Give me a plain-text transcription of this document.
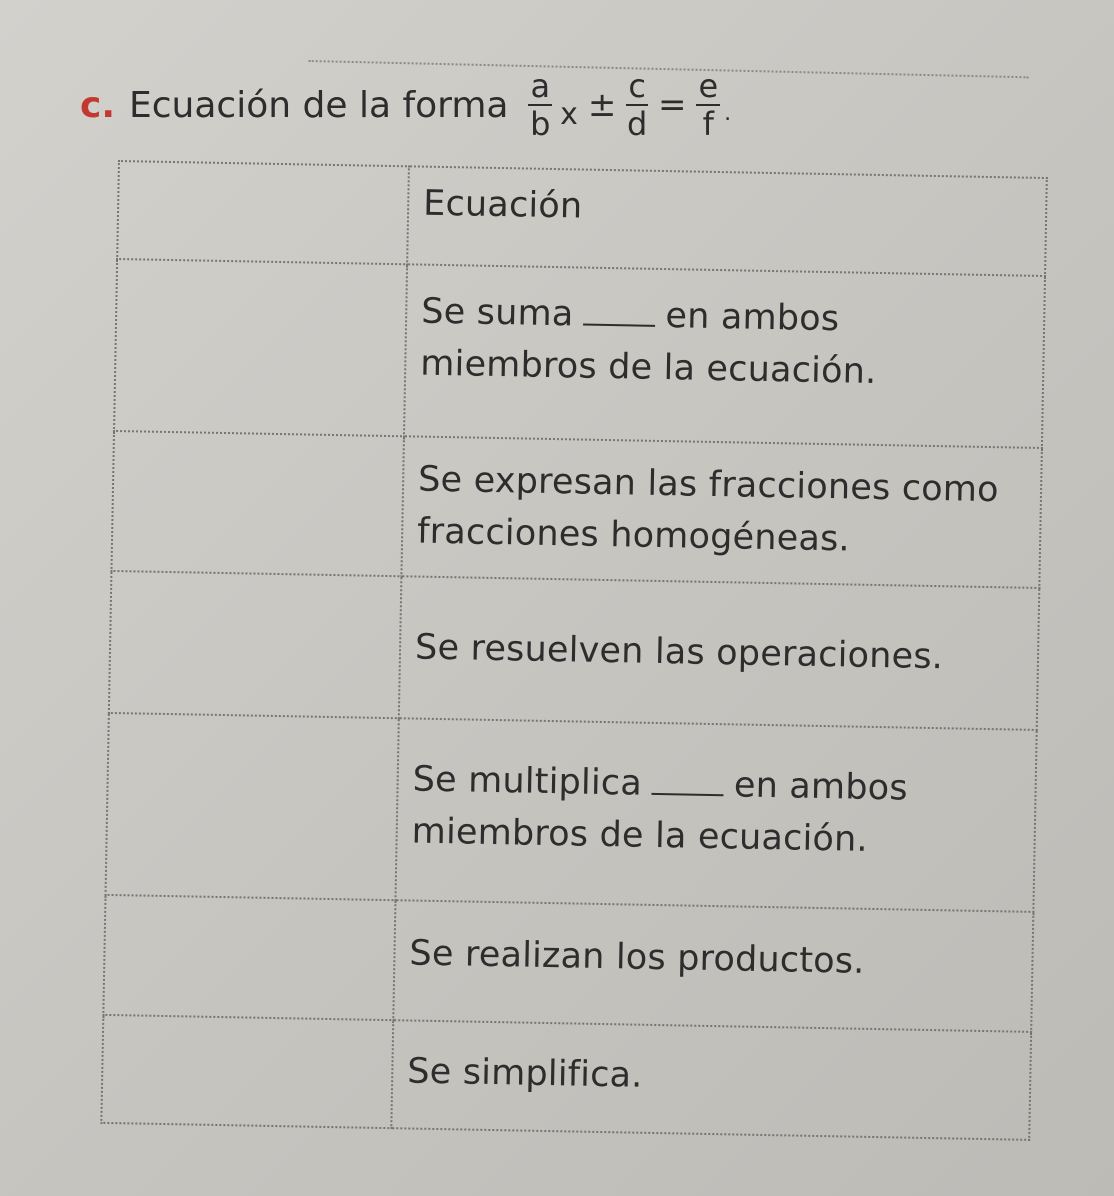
c. Ecuación de la forma $\frac{a}{b}$ $x \pm \frac{c}{d} = \frac{e}{f}$ .

	Ecuación

	Se suma en ambos miembros de la ecuación.

	Se expresan las fracciones como fracciones homogéneas.

	Se resuelven las operaciones.

	Se multiplica en ambos miembros de la ecuación.

	Se realizan los productos.

	Se simplifica.
